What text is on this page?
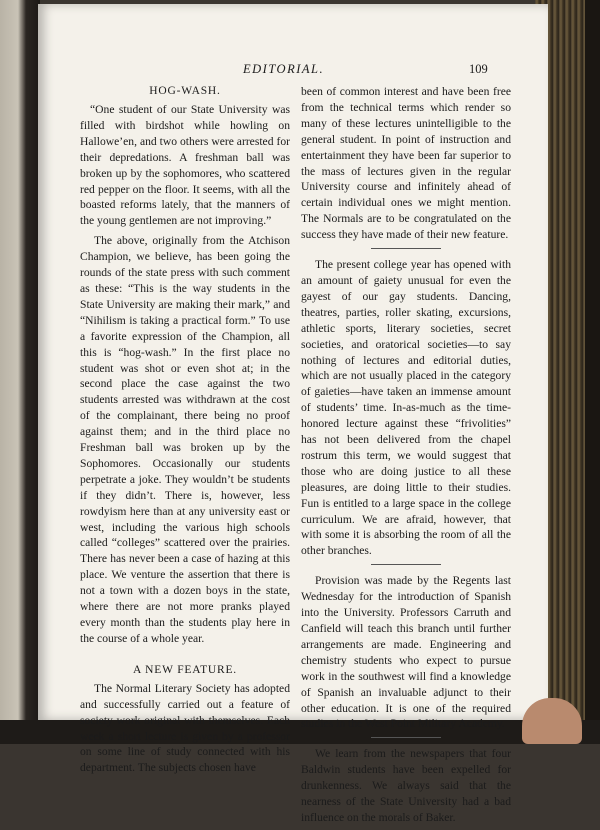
EDITORIAL.	109
HOG-WASH.

“One student of our State University was filled with birdshot while howling on Hallowe’en, and two others were arrested for their depredations. A freshman ball was broken up by the sophomores, who scattered red pepper on the floor. It seems, with all the boasted reforms lately, that the manners of the young gentlemen are not improving.”

The above, originally from the Atchison Champion, we believe, has been going the rounds of the state press with such comment as these: “This is the way students in the State University are making their mark,” and “Nihilism is taking a practical form.” To use a favorite expression of the Champion, all this is “hog-wash.” In the first place no student was shot or even shot at; in the second place the case against the two students arrested was withdrawn at the cost of the complainant, there being no proof against them; and in the third place no Freshman ball was broken up by the Sophomores. Occasionally our students perpetrate a joke. They wouldn’t be students if they didn’t. There is, however, less rowdyism here than at any university east or west, including the various high schools called “colleges” scattered over the prairies. There has never been a case of hazing at this place. We venture the assertion that there is not a town with a dozen boys in the state, where there are not more pranks played every month than the students play here in the course of a whole year.

A NEW FEATURE.

The Normal Literary Society has adopted and successfully carried out a feature of society work original with themselves. Each week a short lecture is given by a professor on some line of study connected with his department. The subjects chosen have

been of common interest and have been free from the technical terms which render so many of these lectures unintelligible to the general student. In point of instruction and entertainment they have been far superior to the mass of lectures given in the regular University course and infinitely ahead of certain individual ones we might mention. The Normals are to be congratulated on the success they have made of their new feature.

The present college year has opened with an amount of gaiety unusual for even the gayest of our gay students. Dancing, theatres, parties, roller skating, excursions, athletic sports, literary societies, secret societies, and oratorical societies—to say nothing of lectures and editorial duties, which are not usually placed in the category of gaieties—have taken an immense amount of students’ time. In-as-much as the time-honored lecture against these “frivolities” has not been delivered from the chapel rostrum this term, we would suggest that those who are doing justice to all these pleasures, are doing little to their studies. Fun is entitled to a large space in the college curriculum. We are afraid, however, that with some it is absorbing the room of all the other branches.

Provision was made by the Regents last Wednesday for the introduction of Spanish into the University. Professors Carruth and Canfield will teach this branch until further arrangements are made. Engineering and chemistry students who expect to pursue work in the southwest will find a knowledge of Spanish an invaluable adjunct to their other education. It is one of the required studies in the West Point Military Academy.

We learn from the newspapers that four Baldwin students have been expelled for drunkenness. We always said that the nearness of the State University had a bad influence on the morals of Baker.
